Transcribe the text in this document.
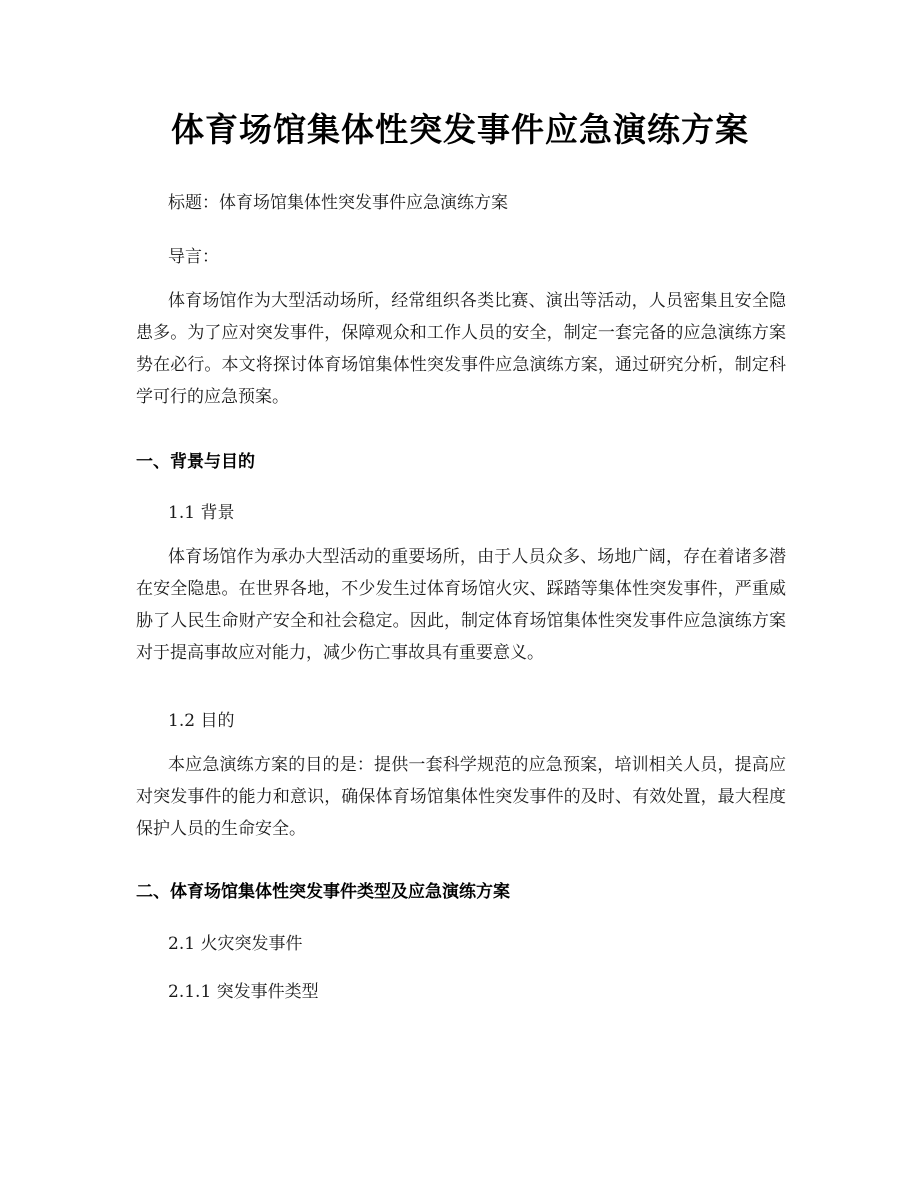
体育场馆集体性突发事件应急演练方案

标题：体育场馆集体性突发事件应急演练方案

导言：

体育场馆作为大型活动场所，经常组织各类比赛、演出等活动，人员密集且安全隐患多。为了应对突发事件，保障观众和工作人员的安全，制定一套完备的应急演练方案势在必行。本文将探讨体育场馆集体性突发事件应急演练方案，通过研究分析，制定科学可行的应急预案。

一、背景与目的

1.1 背景

体育场馆作为承办大型活动的重要场所，由于人员众多、场地广阔，存在着诸多潜在安全隐患。在世界各地，不少发生过体育场馆火灾、踩踏等集体性突发事件，严重威胁了人民生命财产安全和社会稳定。因此，制定体育场馆集体性突发事件应急演练方案对于提高事故应对能力，减少伤亡事故具有重要意义。

1.2 目的

本应急演练方案的目的是：提供一套科学规范的应急预案，培训相关人员，提高应对突发事件的能力和意识，确保体育场馆集体性突发事件的及时、有效处置，最大程度保护人员的生命安全。

二、体育场馆集体性突发事件类型及应急演练方案

2.1 火灾突发事件

2.1.1 突发事件类型
